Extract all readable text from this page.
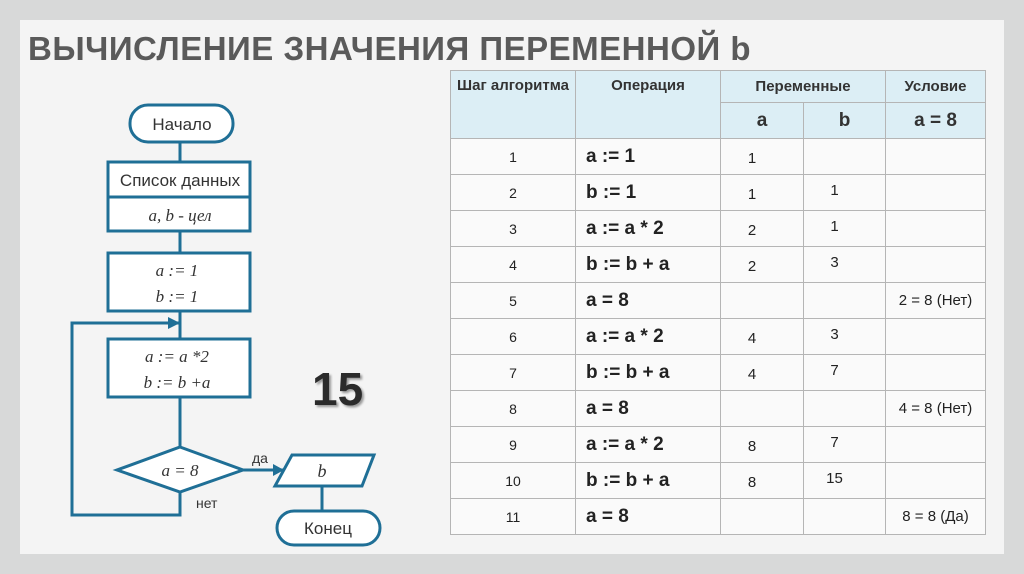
ВЫЧИСЛЕНИЕ ЗНАЧЕНИЯ ПЕРЕМЕННОЙ b
Начало
Список данных
a, b - цел
a := 1
b := 1
a := a *2
b := b +a
a = 8
да
нет
b
Конец
15
Шаг алгоритма	Операция	Переменные		Условие
		a	b	a = 8
1	a := 1	1		
2	b := 1	1	1	
3	a := a * 2	2	1	
4	b := b + a	2	3	
5	a = 8			2 = 8 (Нет)
6	a := a * 2	4	3	
7	b := b + a	4	7	
8	a = 8			4 = 8 (Нет)
9	a := a * 2	8	7	
10	b := b + a	8	15	
11	a = 8			8 = 8 (Да)
